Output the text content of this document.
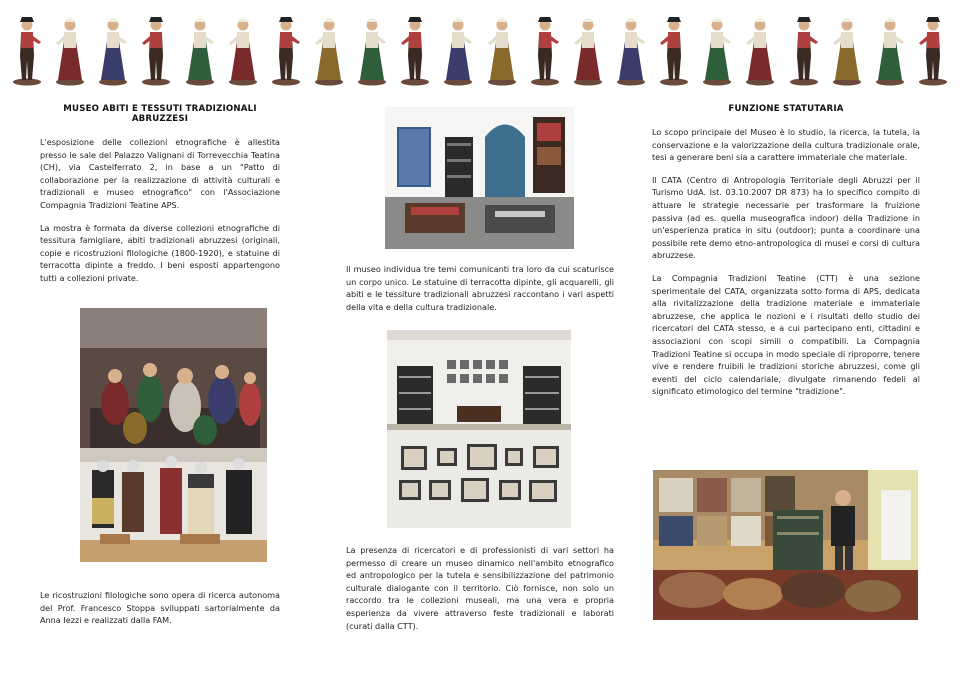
MUSEO ABITI E TESSUTI TRADIZIONALI ABRUZZESI

L'esposizione delle collezioni etnografiche è allestita presso le sale del Palazzo Valignani di Torrevecchia Teatina (CH), via Castelferrato 2, in base a un "Patto di collaborazione per la realizzazione di attività culturali e tradizionali e museo etnografico" con l'Associazione Compagnia Tradizioni Teatine APS.

La mostra è formata da diverse collezioni etnografiche di tessitura famigliare, abiti tradizionali abruzzesi (originali, copie e ricostruzioni filologiche (1800-1920), e statuine di terracotta dipinte a freddo. I beni esposti appartengono tutti a collezioni private.

Le ricostruzioni filologiche sono opera di ricerca autonoma del Prof. Francesco Stoppa sviluppati sartorialmente da Anna Iezzi e realizzati dalla FAM.

Il museo individua tre temi comunicanti tra loro da cui scaturisce un corpo unico. Le statuine di terracotta dipinte, gli acquarelli, gli abiti e le tessiture tradizionali abruzzesi raccontano i vari aspetti della vita e della cultura tradizionale.

La presenza di ricercatori e di professionisti di vari settori ha permesso di creare un museo dinamico nell'ambito etnografico ed antropologico per la tutela e sensibilizzazione del patrimonio culturale dialogante con il territorio. Ciò fornisce, non solo un raccordo tra le collezioni museali, ma una vera e propria esperienza da vivere attraverso feste tradizionali e laborati (curati dalla CTT).

FUNZIONE STATUTARIA

Lo scopo principale del Museo è lo studio, la ricerca, la tutela, la conservazione e la valorizzazione della cultura tradizionale orale, tesi a generare beni sia a carattere immateriale che materiale.

Il CATA (Centro di Antropologia Territoriale degli Abruzzi per il Turismo UdA. Ist. 03.10.2007 DR 873) ha lo specifico compito di attuare le strategie necessarie per trasformare la fruizione passiva (ad es. quella museografica indoor) della Tradizione in un'esperienza pratica in situ (outdoor); punta a coordinare una possibile rete demo etno-antropologica di musei e corsi di cultura abruzzese.

La Compagnia Tradizioni Teatine (CTT) è una sezione sperimentale del CATA, organizzata sotto forma di APS, dedicata alla rivitalizzazione della tradizione materiale e immateriale abruzzese, che applica le nozioni e i risultati dello studio dei ricercatori del CATA stesso, e a cui partecipano enti, cittadini e associazioni con scopi simili o compatibili. La Compagnia Tradizioni Teatine si occupa in modo speciale di riproporre, tenere vive e rendere fruibili le tradizioni storiche abruzzesi, come gli eventi del ciclo calendariale, divulgate rimanendo fedeli al significato etimologico del termine "tradizione".
